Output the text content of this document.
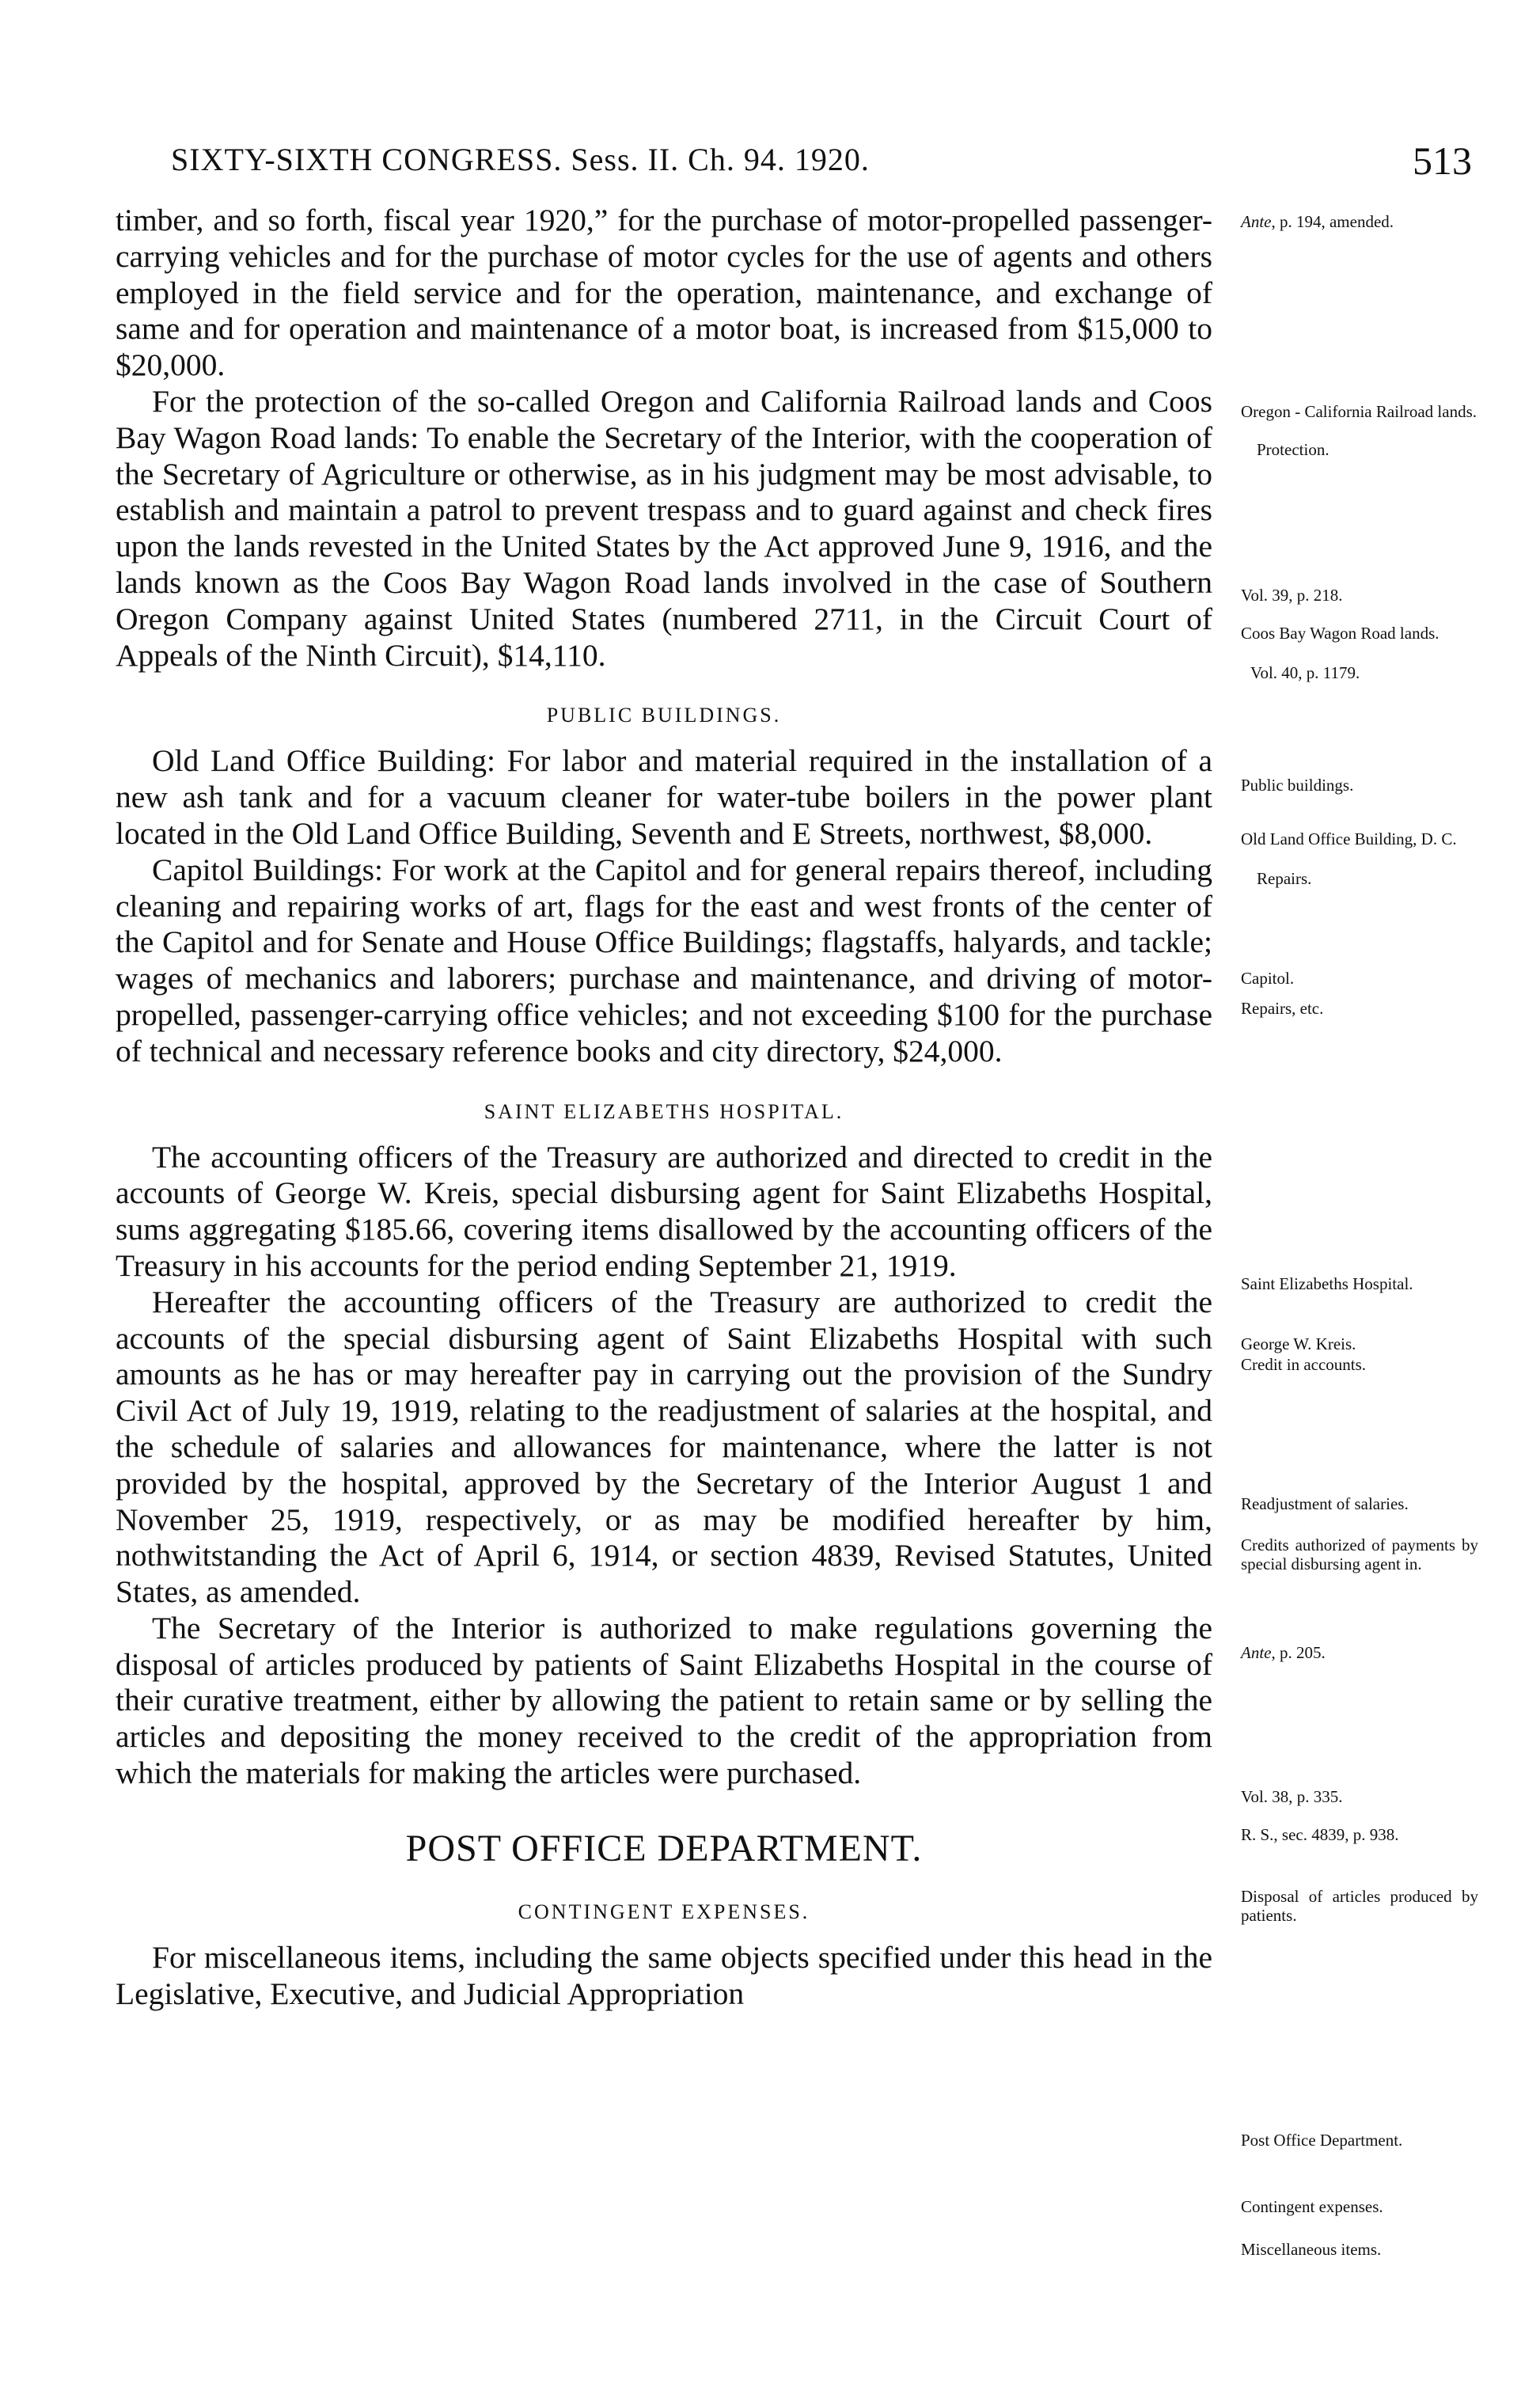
SIXTY-SIXTH CONGRESS. Sess. II. Ch. 94. 1920.	513

timber, and so forth, fiscal year 1920,” for the purchase of motor-propelled passenger-carrying vehicles and for the purchase of motor cycles for the use of agents and others employed in the field service and for the operation, maintenance, and exchange of same and for operation and maintenance of a motor boat, is increased from $15,000 to $20,000.

For the protection of the so-called Oregon and California Railroad lands and Coos Bay Wagon Road lands: To enable the Secretary of the Interior, with the cooperation of the Secretary of Agriculture or otherwise, as in his judgment may be most advisable, to establish and maintain a patrol to prevent trespass and to guard against and check fires upon the lands revested in the United States by the Act approved June 9, 1916, and the lands known as the Coos Bay Wagon Road lands involved in the case of Southern Oregon Company against United States (numbered 2711, in the Circuit Court of Appeals of the Ninth Circuit), $14,110.

PUBLIC BUILDINGS.

Old Land Office Building: For labor and material required in the installation of a new ash tank and for a vacuum cleaner for water-tube boilers in the power plant located in the Old Land Office Building, Seventh and E Streets, northwest, $8,000.

Capitol Buildings: For work at the Capitol and for general repairs thereof, including cleaning and repairing works of art, flags for the east and west fronts of the center of the Capitol and for Senate and House Office Buildings; flagstaffs, halyards, and tackle; wages of mechanics and laborers; purchase and maintenance, and driving of motor-propelled, passenger-carrying office vehicles; and not exceeding $100 for the purchase of technical and necessary reference books and city directory, $24,000.

SAINT ELIZABETHS HOSPITAL.

The accounting officers of the Treasury are authorized and directed to credit in the accounts of George W. Kreis, special disbursing agent for Saint Elizabeths Hospital, sums aggregating $185.66, covering items disallowed by the accounting officers of the Treasury in his accounts for the period ending September 21, 1919.

Hereafter the accounting officers of the Treasury are authorized to credit the accounts of the special disbursing agent of Saint Elizabeths Hospital with such amounts as he has or may hereafter pay in carrying out the provision of the Sundry Civil Act of July 19, 1919, relating to the readjustment of salaries at the hospital, and the schedule of salaries and allowances for maintenance, where the latter is not provided by the hospital, approved by the Secretary of the Interior August 1 and November 25, 1919, respectively, or as may be modified hereafter by him, nothwitstanding the Act of April 6, 1914, or section 4839, Revised Statutes, United States, as amended.

The Secretary of the Interior is authorized to make regulations governing the disposal of articles produced by patients of Saint Elizabeths Hospital in the course of their curative treatment, either by allowing the patient to retain same or by selling the articles and depositing the money received to the credit of the appropriation from which the materials for making the articles were purchased.

POST OFFICE DEPARTMENT.
CONTINGENT EXPENSES.

For miscellaneous items, including the same objects specified under this head in the Legislative, Executive, and Judicial Appropriation

Ante, p. 194, amended.
Oregon - California Railroad lands.
Protection.
Vol. 39, p. 218.
Coos Bay Wagon Road lands.
Vol. 40, p. 1179.
Public buildings.
Old Land Office Building, D. C.
Repairs.
Capitol.
Repairs, etc.
Saint Elizabeths Hospital.
George W. Kreis.
Credit in accounts.
Readjustment of salaries.
Credits authorized of payments by special disbursing agent in.
Ante, p. 205.
Vol. 38, p. 335.
R. S., sec. 4839, p. 938.
Disposal of articles produced by patients.
Post Office Department.
Contingent expenses.
Miscellaneous items.
